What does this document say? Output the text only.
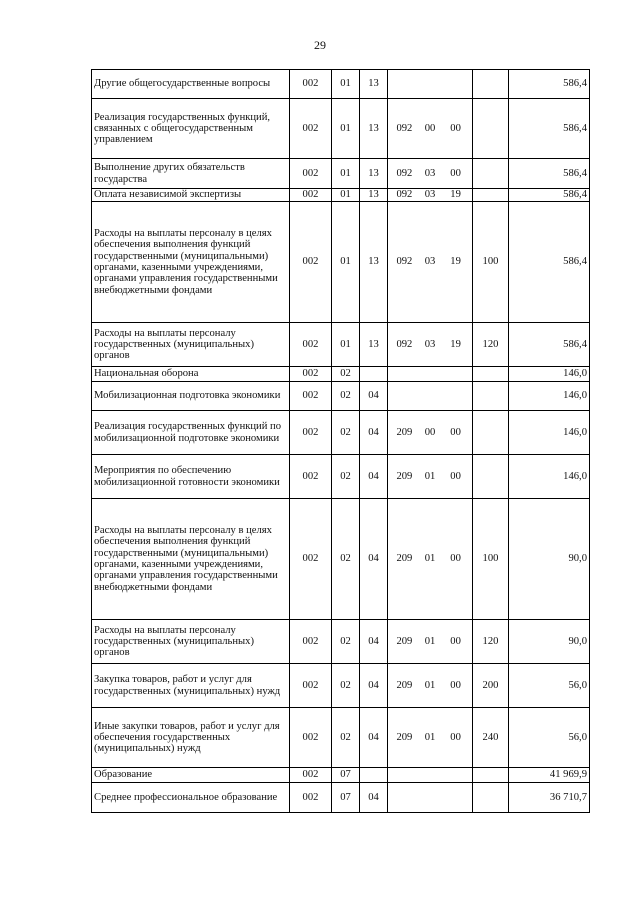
29
Другие общегосударственные вопросы	002	01	13			586,4
Реализация государственных функций, связанных с общегосударственным управлением	002	01	13	092 00 00		586,4
Выполнение других обязательств государства	002	01	13	092 03 00		586,4
Оплата независимой экспертизы	002	01	13	092 03 19		586,4
Расходы на выплаты персоналу в целях обеспечения выполнения функций государственными (муниципальными) органами, казенными учреждениями, органами управления государственными внебюджетными фондами	002	01	13	092 03 19	100	586,4
Расходы на выплаты персоналу государственных (муниципальных) органов	002	01	13	092 03 19	120	586,4
Национальная оборона	002	02				146,0
Мобилизационная подготовка экономики	002	02	04			146,0
Реализация государственных функций по мобилизационной подготовке экономики	002	02	04	209 00 00		146,0
Мероприятия по обеспечению мобилизационной готовности экономики	002	02	04	209 01 00		146,0
Расходы на выплаты персоналу в целях обеспечения выполнения функций государственными (муниципальными) органами, казенными учреждениями, органами управления государственными внебюджетными фондами	002	02	04	209 01 00	100	90,0
Расходы на выплаты персоналу государственных (муниципальных) органов	002	02	04	209 01 00	120	90,0
Закупка товаров, работ и услуг для государственных (муниципальных) нужд	002	02	04	209 01 00	200	56,0
Иные закупки товаров, работ и услуг для обеспечения государственных (муниципальных) нужд	002	02	04	209 01 00	240	56,0
Образование	002	07				41 969,9
Среднее профессиональное образование	002	07	04			36 710,7
